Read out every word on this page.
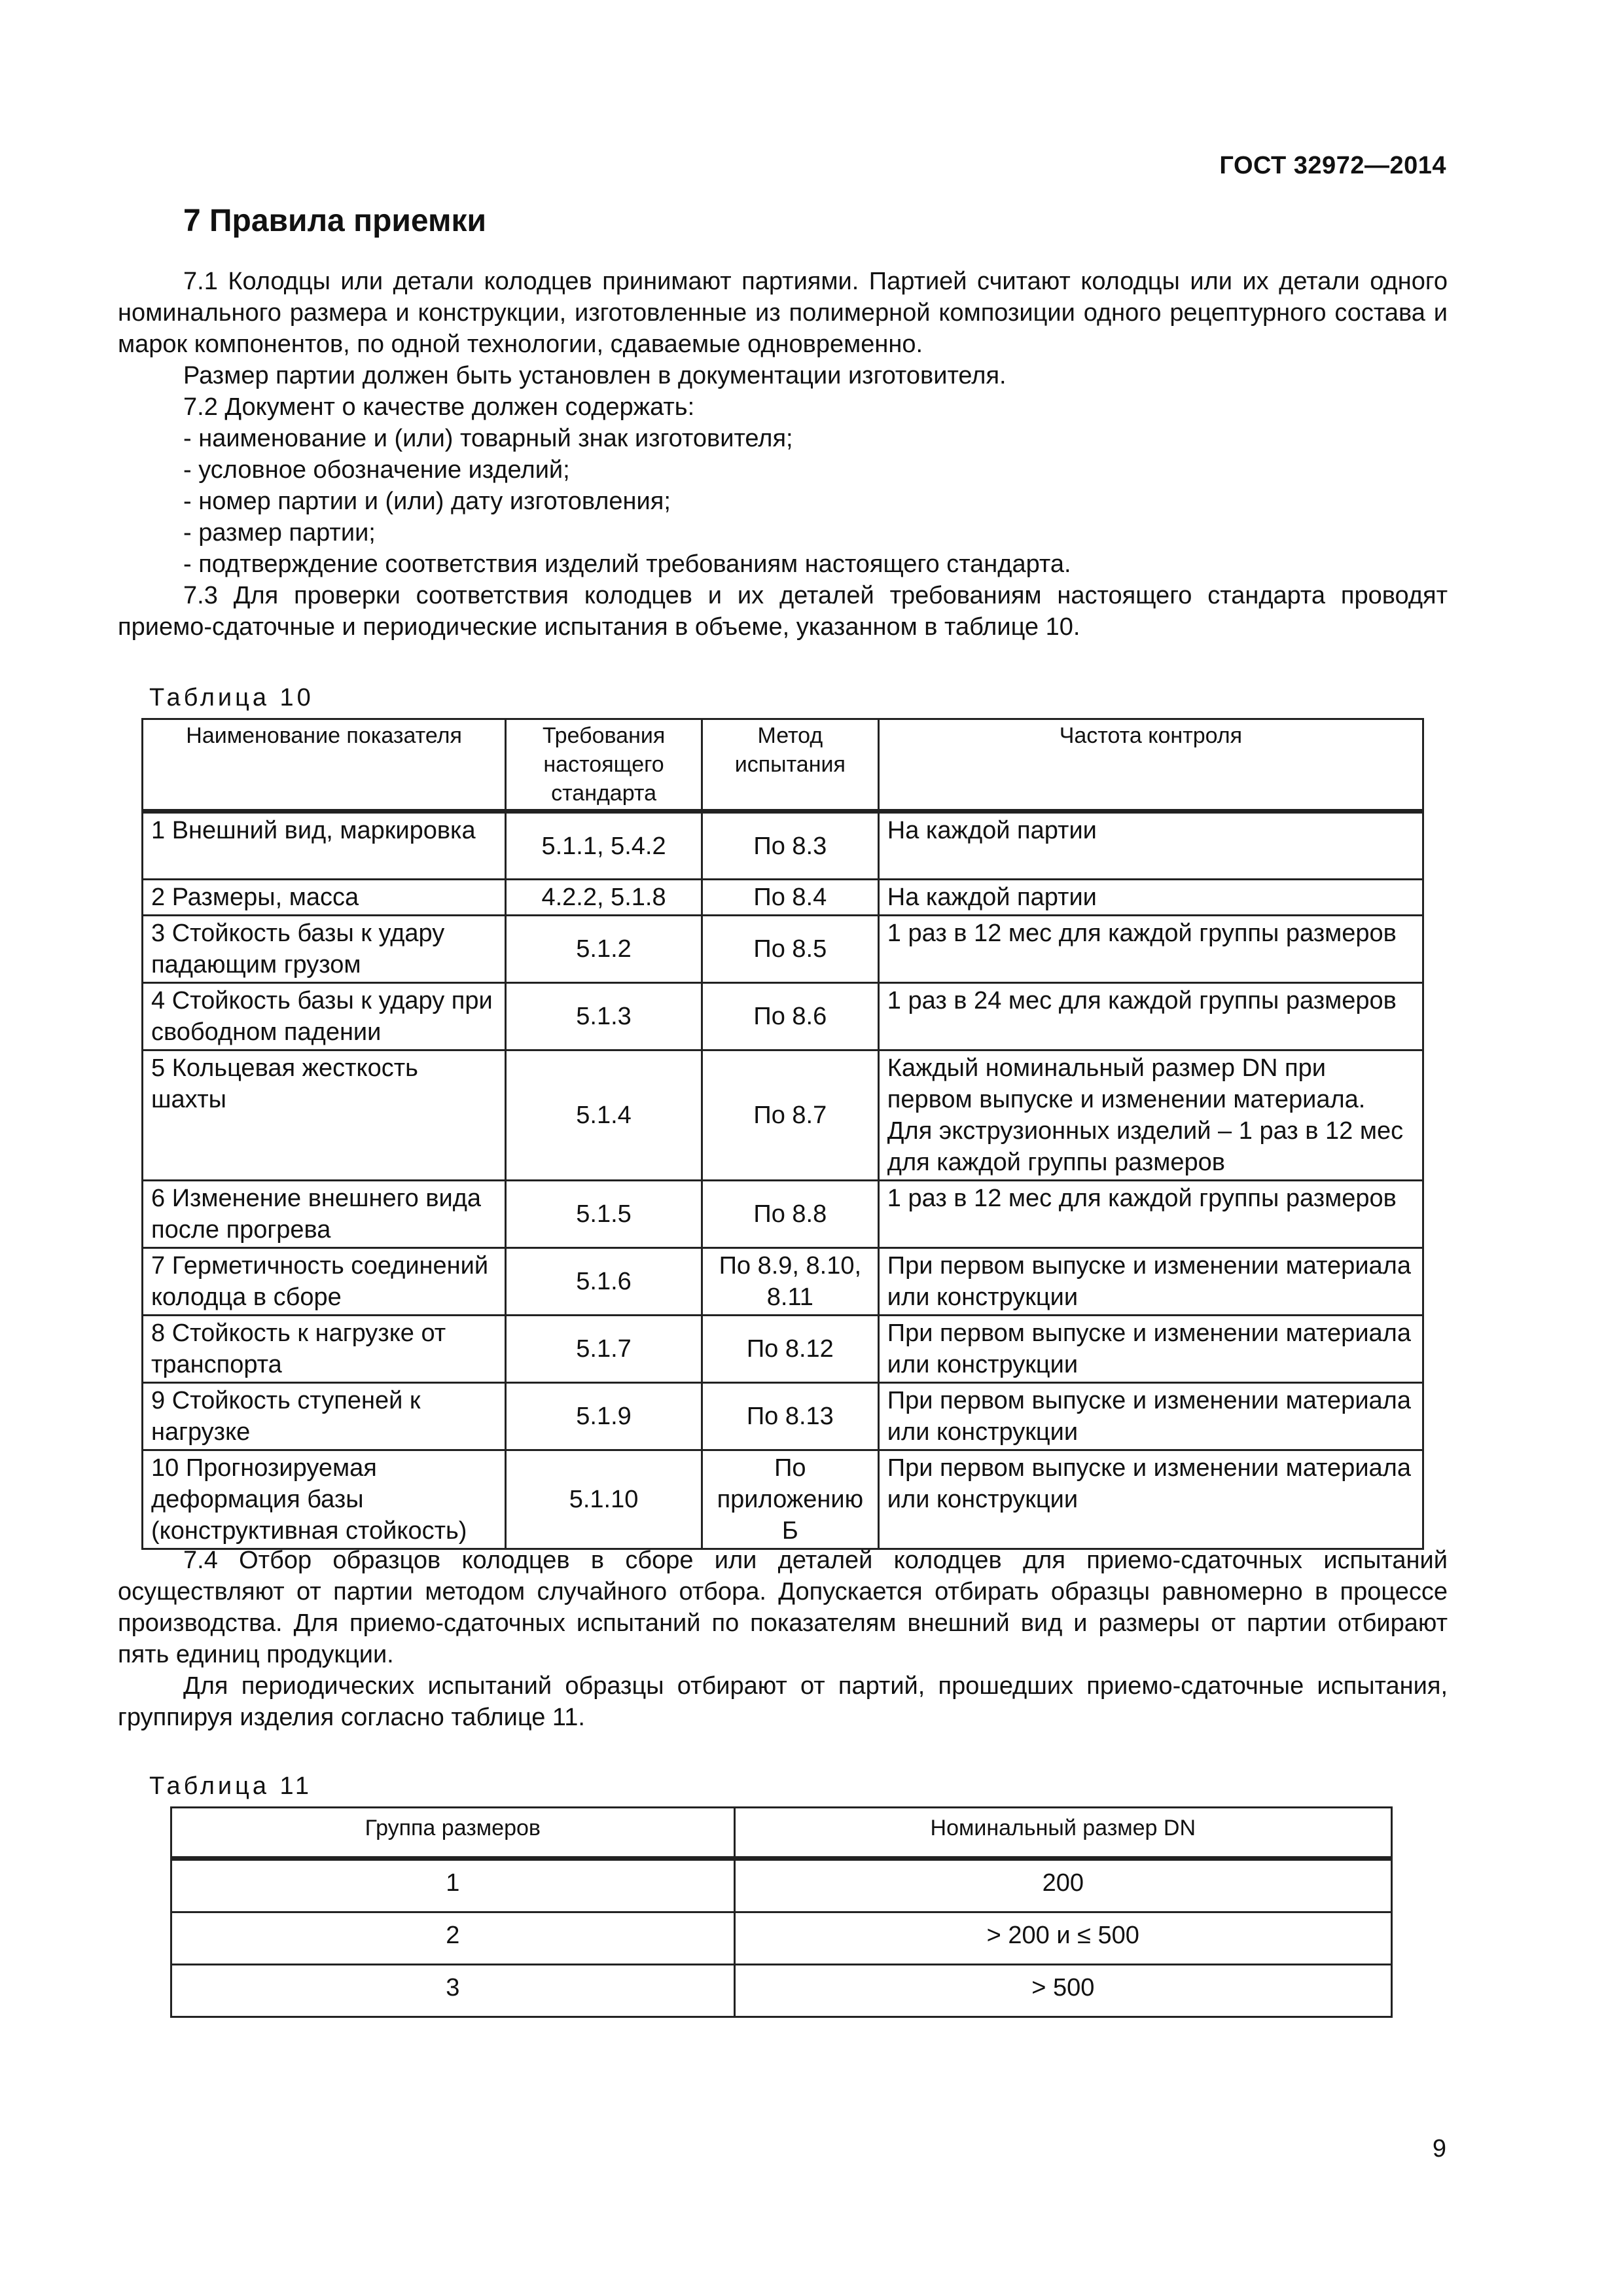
ГОСТ 32972—2014
7 Правила приемки

7.1 Колодцы или детали колодцев принимают партиями. Партией считают колодцы или их детали одного номинального размера и конструкции, изготовленные из полимерной композиции одного рецептурного состава и марок компонентов, по одной технологии, сдаваемые одновременно.

Размер партии должен быть установлен в документации изготовителя.

7.2 Документ о качестве должен содержать:

- наименование и (или) товарный знак изготовителя;

- условное обозначение изделий;

- номер партии и (или) дату изготовления;

- размер партии;

- подтверждение соответствия изделий требованиям настоящего стандарта.

7.3 Для проверки соответствия колодцев и их деталей требованиям настоящего стандарта проводят приемо-сдаточные и периодические испытания в объеме, указанном в таблице 10.

Таблица 10
Наименование показателя	Требования настоящего стандарта	Метод испытания	Частота контроля
1 Внешний вид, маркировка	5.1.1, 5.4.2	По 8.3	На каждой партии
2 Размеры, масса	4.2.2, 5.1.8	По 8.4	На каждой партии
3 Стойкость базы к удару падающим грузом	5.1.2	По 8.5	1 раз в 12 мес для каждой группы размеров
4 Стойкость базы к удару при свободном падении	5.1.3	По 8.6	1 раз в 24 мес для каждой группы размеров
5 Кольцевая жесткость шахты	5.1.4	По 8.7	Каждый номинальный размер DN при первом выпуске и изменении материала. Для экструзионных изделий – 1 раз в 12 мес для каждой группы размеров
6 Изменение внешнего вида после прогрева	5.1.5	По 8.8	1 раз в 12 мес для каждой группы размеров
7 Герметичность соединений колодца в сборе	5.1.6	По 8.9, 8.10, 8.11	При первом выпуске и изменении материала или конструкции
8 Стойкость к нагрузке от транспорта	5.1.7	По 8.12	При первом выпуске и изменении материала или конструкции
9 Стойкость ступеней к нагрузке	5.1.9	По 8.13	При первом выпуске и изменении материала или конструкции
10 Прогнозируемая деформация базы (конструктивная стойкость)	5.1.10	По приложению Б	При первом выпуске и изменении материала или конструкции

7.4 Отбор образцов колодцев в сборе или деталей колодцев для приемо-сдаточных испытаний осуществляют от партии методом случайного отбора. Допускается отбирать образцы равномерно в процессе производства. Для приемо-сдаточных испытаний по показателям внешний вид и размеры от партии отбирают пять единиц продукции.

Для периодических испытаний образцы отбирают от партий, прошедших приемо-сдаточные испытания, группируя изделия согласно таблице 11.

Таблица 11
Группа размеров	Номинальный размер DN
1	200
2	> 200 и ≤ 500
3	> 500
9
